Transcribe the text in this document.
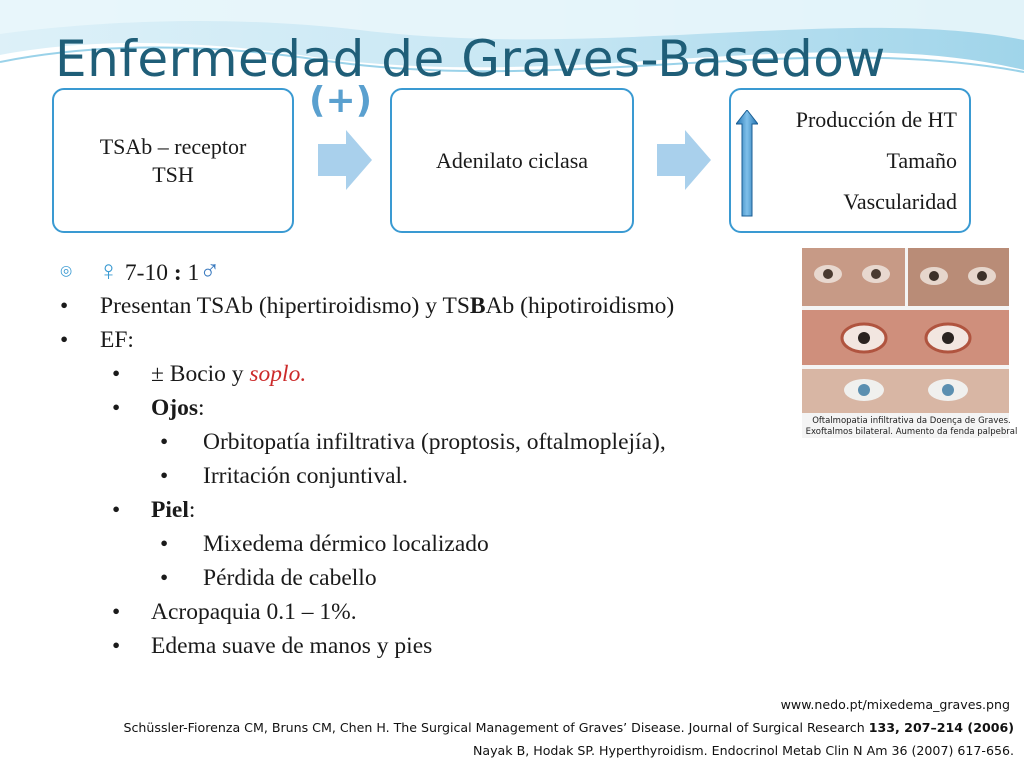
Enfermedad de Graves-Basedow
TSAb – receptor TSH
(+)
Adenilato ciclasa
Producción de HT
Tamaño
Vascularidad
◎ ♀ 7-10 : 1♂
• Presentan TSAb (hipertiroidismo) y TSBAb (hipotiroidismo)
• EF:
• ± Bocio y soplo.
• Ojos:
• Orbitopatía infiltrativa (proptosis, oftalmoplejía),
• Irritación conjuntival.
• Piel:
• Mixedema dérmico localizado
• Pérdida de cabello
• Acropaquia 0.1 – 1%.
• Edema suave de manos y pies
Oftalmopatia infiltrativa da Doença de Graves.
Exoftalmos bilateral. Aumento da fenda palpebral
www.nedo.pt/mixedema_graves.png
Schüssler-Fiorenza CM, Bruns CM, Chen H. The Surgical Management of Graves’ Disease. Journal of Surgical Research 133, 207–214 (2006)
Nayak B, Hodak SP. Hyperthyroidism. Endocrinol Metab Clin N Am 36 (2007) 617-656.
